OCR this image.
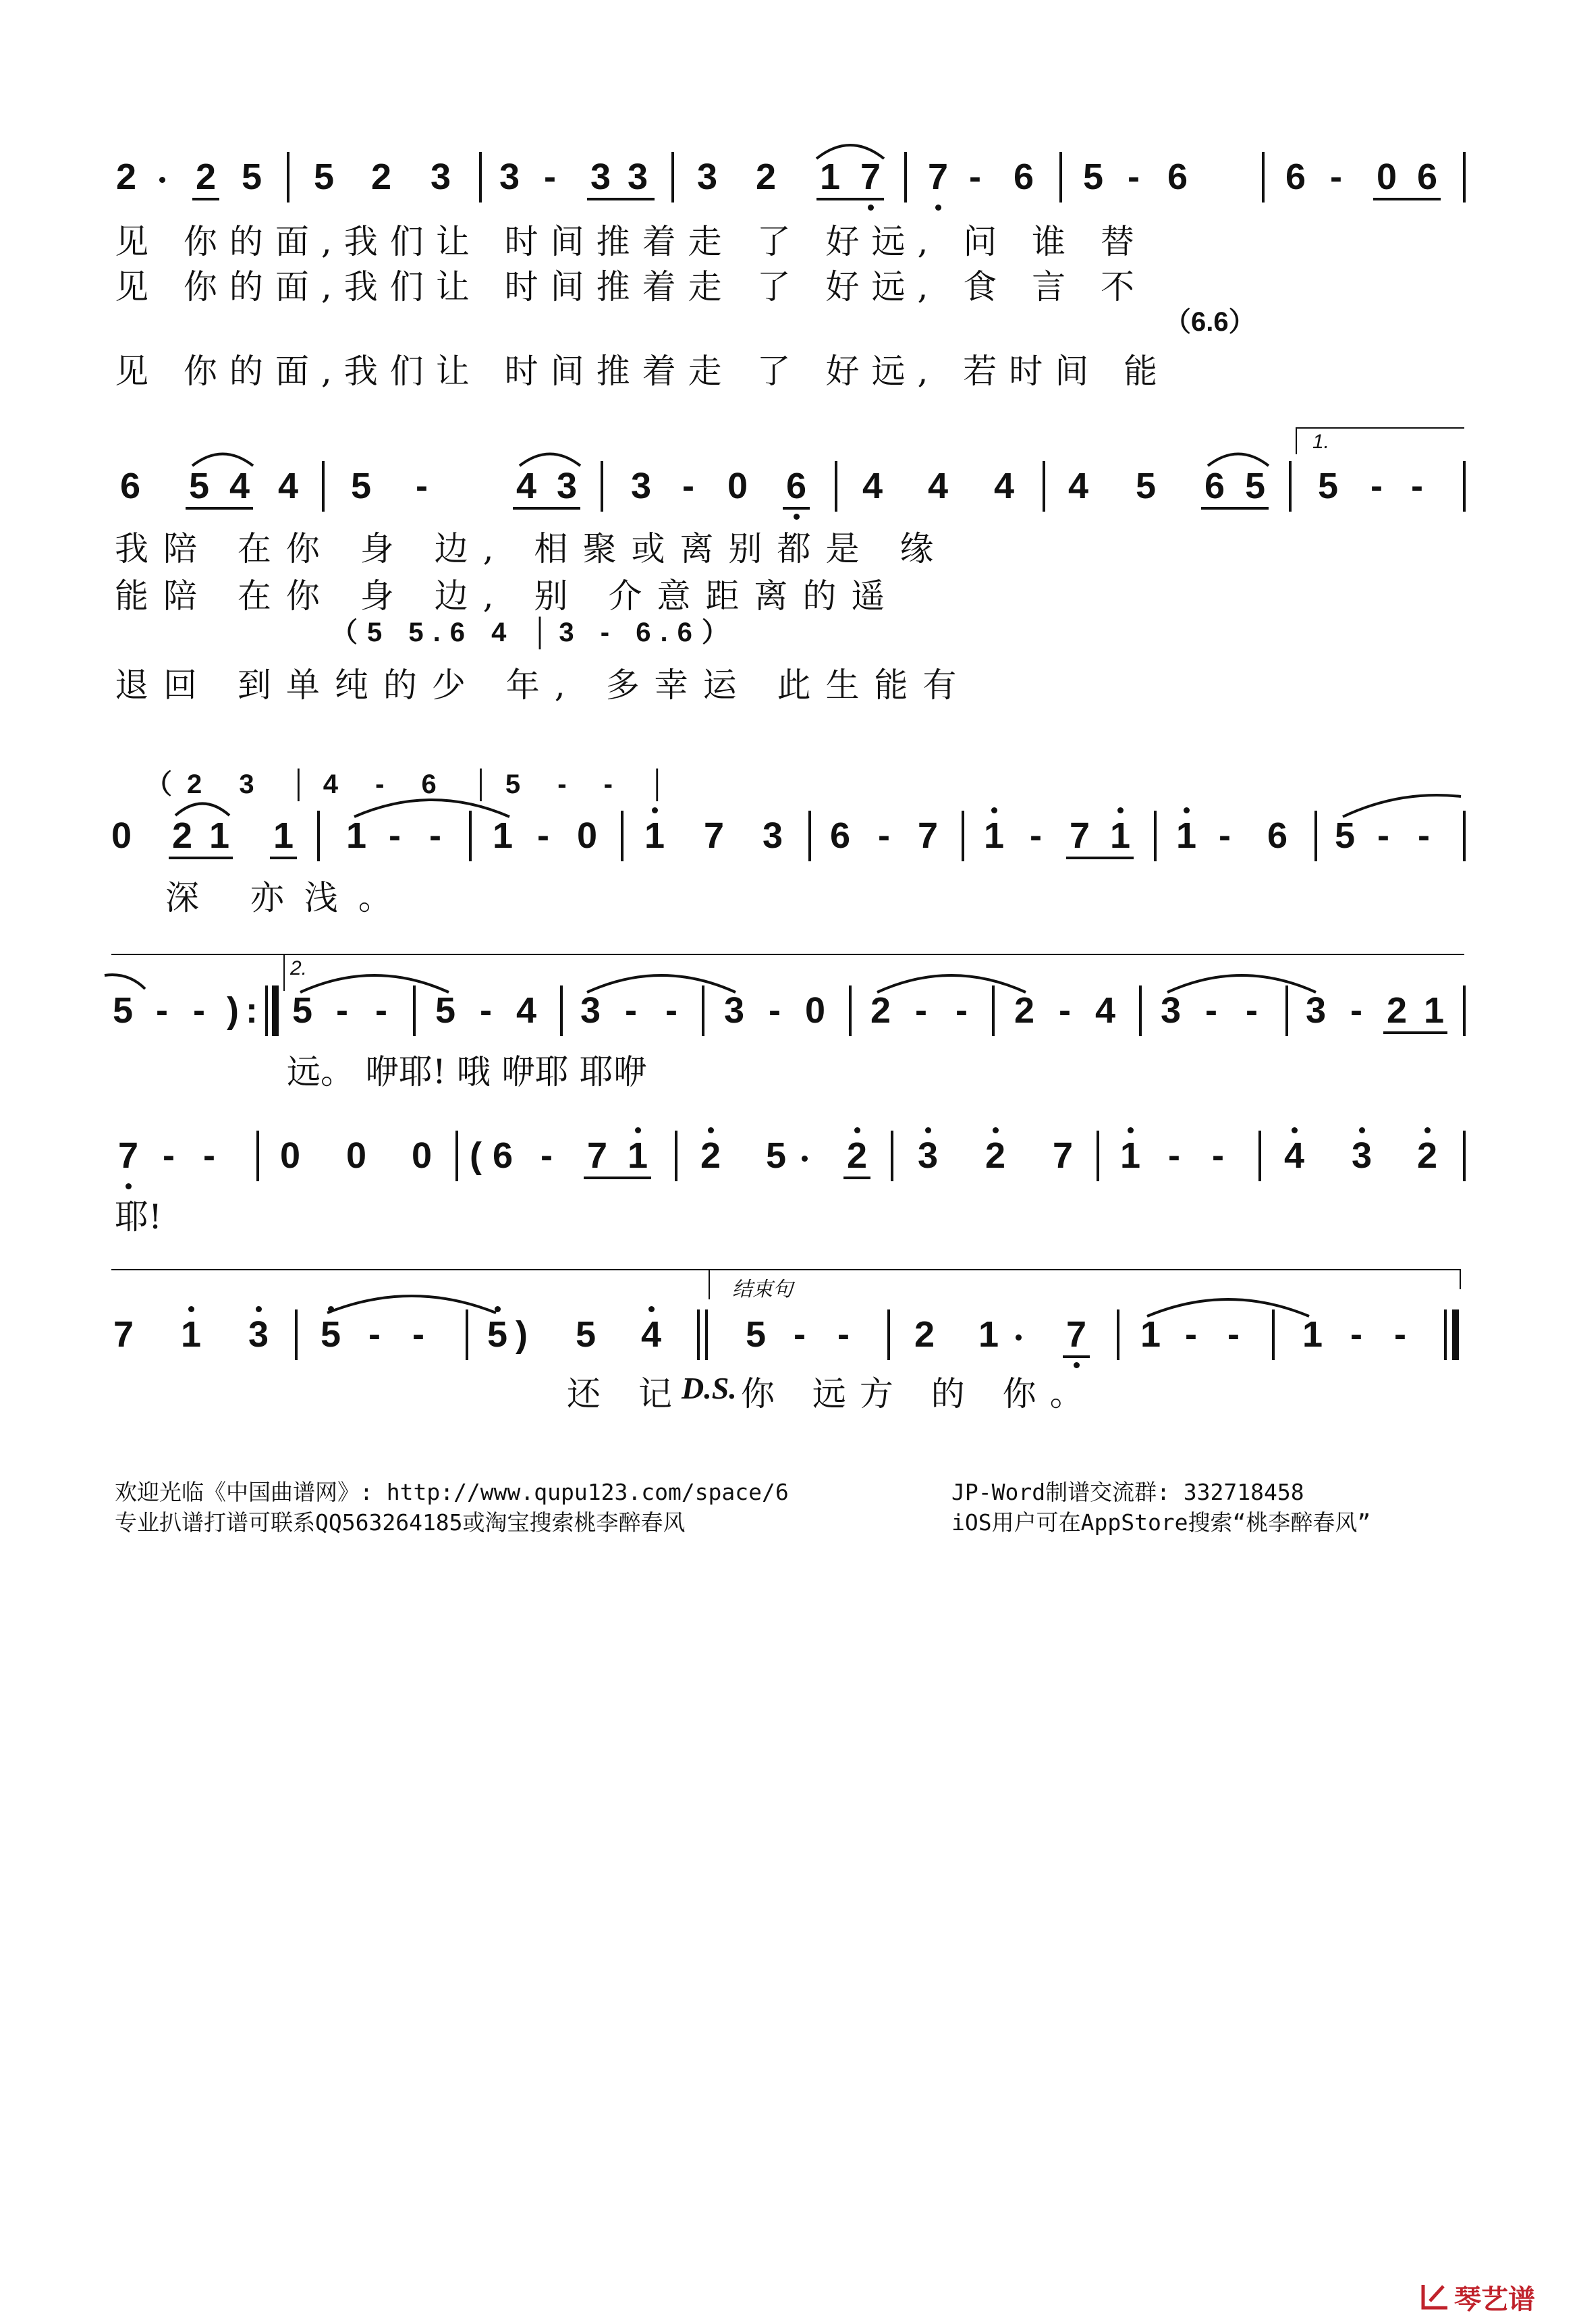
2 2 5 5 2 3 3 - 3 3 3 2 1 7 7 - 6 5 - 6	6 - 0 6
见 你的面,我们让 时间推着走 了 好远, 问 谁 替
见 你的面,我们让 时间推着走 了 好远, 食 言 不
（6.6）
见 你的面,我们让 时间推着走 了 好远, 若时间 能
1.
6 5 4 4 5	-	4 3 3 - 0 6 4 4 4 4 5 6 5 5 - -
我陪 在你 身 边, 相聚或离别都是 缘
能陪 在你 身 边, 别 介意距离的遥
（5 5.6 4 │3 - 6.6）
退回 到单纯的少 年, 多幸运 此生能有
（2 3 │4 - 6 │5 - - │
0 2 1 1 1 - -	1 - 0 1 7 3 6 - 7 1 - 7 1 1 - 6 5 - -
深 亦浅。
2.
5 - - ) : 5 - -	5 - 4 3 - -	3 - 0 2 - -	2 - 4 3 - -	3 - 2 1
远。 咿耶! 哦 咿耶 耶咿
7 - -	0 0 0	( 6 - 7 1 2 5 2 3 2 7 1 - -	4 3 2
耶!
结束句
7 1 3 5 - -	5 )	5 4 5 - -	2 1 7 1 - -	1 - -
还 记
D.S. 你 远方 的 你。
欢迎光临《中国曲谱网》: http://www.qupu123.com/space/6	JP-Word制谱交流群: 332718458
专业扒谱打谱可联系QQ563264185或淘宝搜索桃李醉春风	iOS用户可在AppStore搜索“桃李醉春风”
琴艺谱
